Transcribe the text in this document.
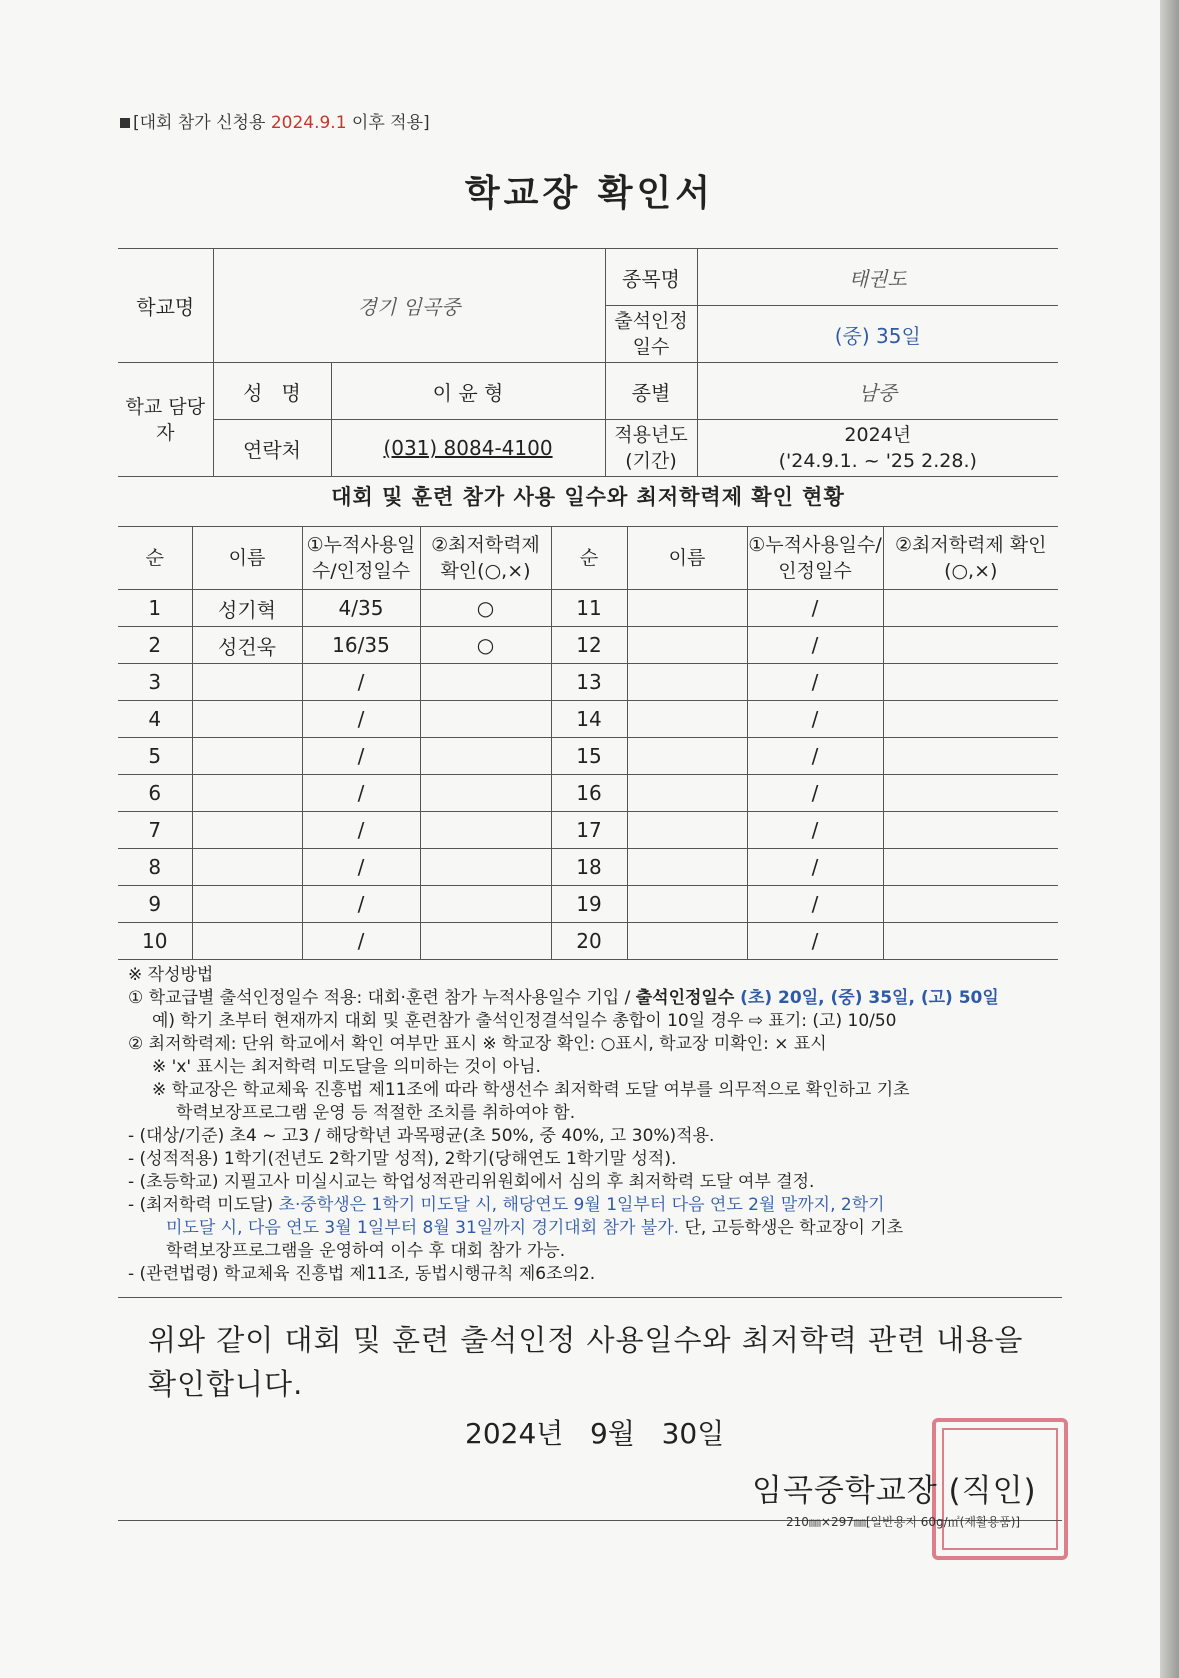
[대회 참가 신청용 2024.9.1 이후 적용]
학교장 확인서
학교명	경기 임곡중		종목명	태권도
			출석인정 일수	(중) 35일
학교 담당자	성   명	이 윤 형	종별	남중
	연락처	(031) 8084-4100	적용년도 (기간)	2024년
('24.9.1. ~ '25 2.28.)
대회 및 훈련 참가 사용 일수와 최저학력제 확인 현황
순	이름	①누적사용일수/인정일수	②최저학력제 확인(○,×)	순	이름	①누적사용일수/인정일수	②최저학력제 확인(○,×)
1	성기혁	4/35	○	11		/	
2	성건욱	16/35	○	12		/	
3		/		13		/	
4		/		14		/	
5		/		15		/	
6		/		16		/	
7		/		17		/	
8		/		18		/	
9		/		19		/	
10		/		20		/	
※ 작성방법
① 학교급별 출석인정일수 적용: 대회·훈련 참가 누적사용일수 기입 / 출석인정일수 (초) 20일, (중) 35일, (고) 50일
예) 학기 초부터 현재까지 대회 및 훈련참가 출석인정결석일수 총합이 10일 경우 ⇨ 표기: (고) 10/50
② 최저학력제: 단위 학교에서 확인 여부만 표시 ※ 학교장 확인: ○표시, 학교장 미확인: × 표시
※ 'x' 표시는 최저학력 미도달을 의미하는 것이 아님.
※ 학교장은 학교체육 진흥법 제11조에 따라 학생선수 최저학력 도달 여부를 의무적으로 확인하고 기초
학력보장프로그램 운영 등 적절한 조치를 취하여야 함.
- (대상/기준) 초4 ~ 고3 / 해당학년 과목평균(초 50%, 중 40%, 고 30%)적용.
- (성적적용) 1학기(전년도 2학기말 성적), 2학기(당해연도 1학기말 성적).
- (초등학교) 지필고사 미실시교는 학업성적관리위원회에서 심의 후 최저학력 도달 여부 결정.
- (최저학력 미도달) 초·중학생은 1학기 미도달 시, 해당연도 9월 1일부터 다음 연도 2월 말까지, 2학기
미도달 시, 다음 연도 3월 1일부터 8월 31일까지 경기대회 참가 불가. 단, 고등학생은 학교장이 기초
학력보장프로그램을 운영하여 이수 후 대회 참가 가능.
- (관련법령) 학교체육 진흥법 제11조, 동법시행규칙 제6조의2.
위와 같이 대회 및 훈련 출석인정 사용일수와 최저학력 관련 내용을
확인합니다.
2024년   9월   30일
임곡중학교장 (직인)
210㎜×297㎜[일반용지 60g/㎡(재활용품)]
